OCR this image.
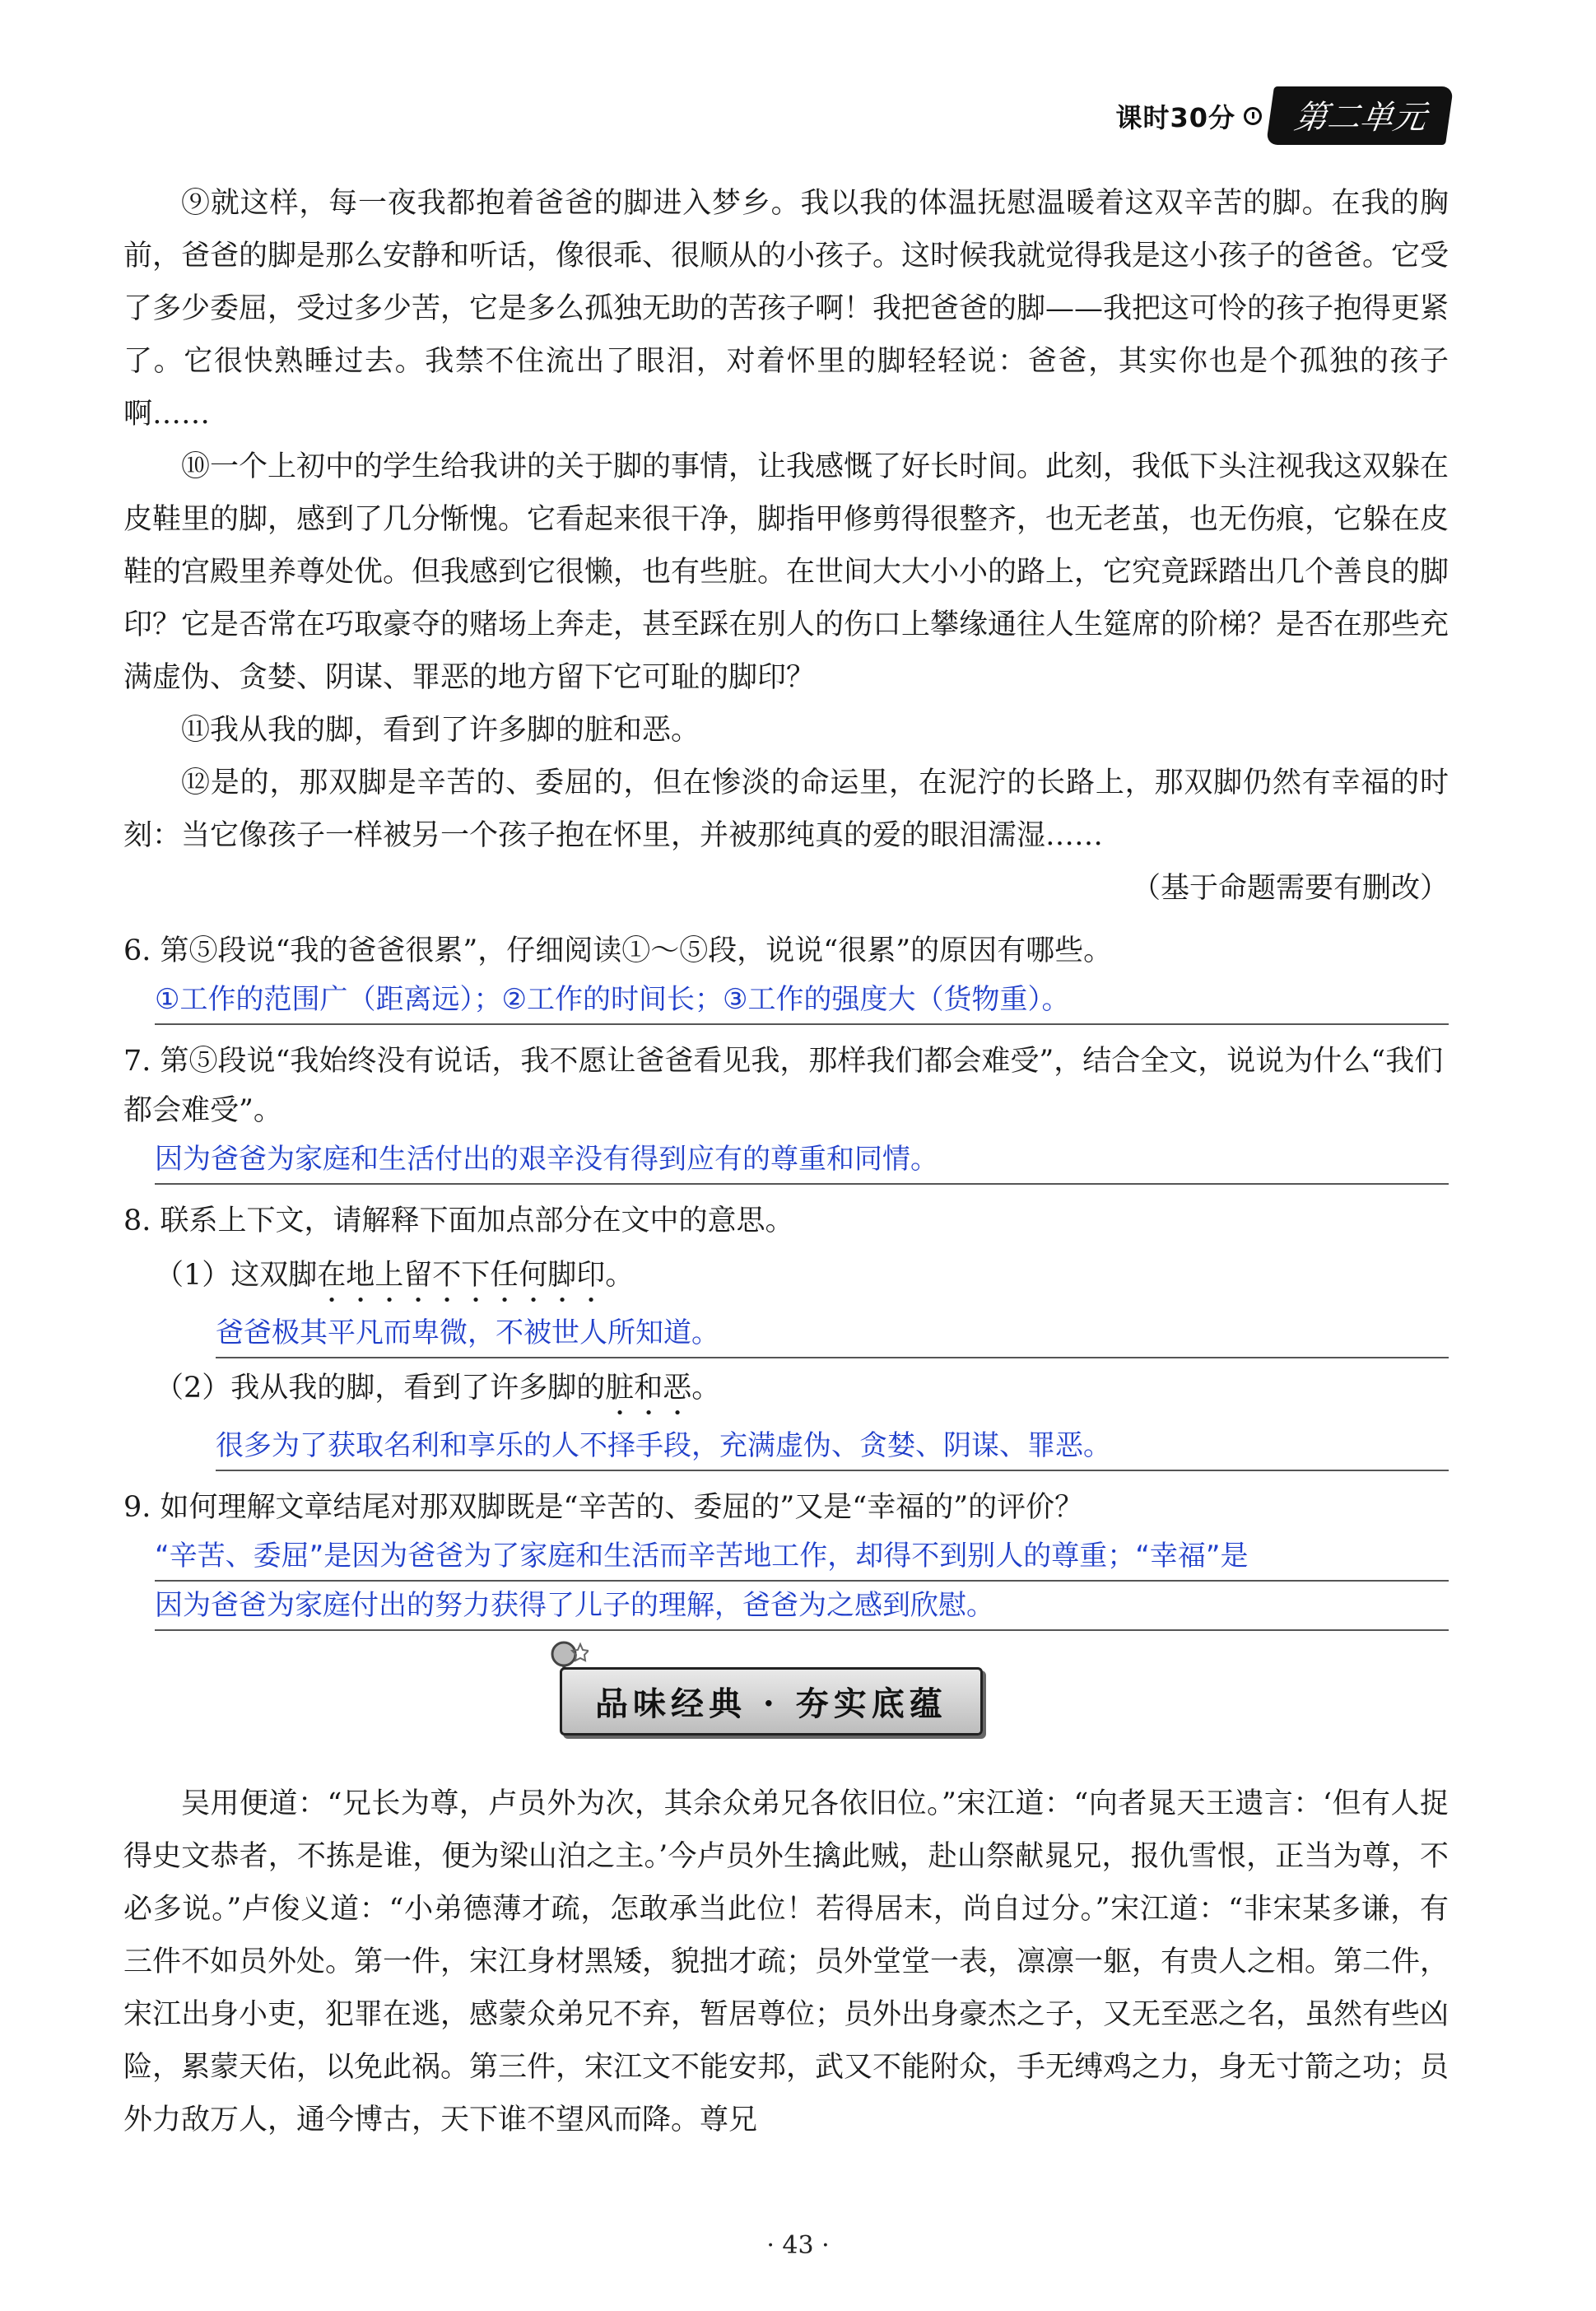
课时30分	第二单元

⑨就这样，每一夜我都抱着爸爸的脚进入梦乡。我以我的体温抚慰温暖着这双辛苦的脚。在我的胸前，爸爸的脚是那么安静和听话，像很乖、很顺从的小孩子。这时候我就觉得我是这小孩子的爸爸。它受了多少委屈，受过多少苦，它是多么孤独无助的苦孩子啊！我把爸爸的脚——我把这可怜的孩子抱得更紧了。它很快熟睡过去。我禁不住流出了眼泪，对着怀里的脚轻轻说：爸爸，其实你也是个孤独的孩子啊……

⑩一个上初中的学生给我讲的关于脚的事情，让我感慨了好长时间。此刻，我低下头注视我这双躲在皮鞋里的脚，感到了几分惭愧。它看起来很干净，脚指甲修剪得很整齐，也无老茧，也无伤痕，它躲在皮鞋的宫殿里养尊处优。但我感到它很懒，也有些脏。在世间大大小小的路上，它究竟踩踏出几个善良的脚印？它是否常在巧取豪夺的赌场上奔走，甚至踩在别人的伤口上攀缘通往人生筵席的阶梯？是否在那些充满虚伪、贪婪、阴谋、罪恶的地方留下它可耻的脚印？

⑪我从我的脚，看到了许多脚的脏和恶。

⑫是的，那双脚是辛苦的、委屈的，但在惨淡的命运里，在泥泞的长路上，那双脚仍然有幸福的时刻：当它像孩子一样被另一个孩子抱在怀里，并被那纯真的爱的眼泪濡湿……

（基于命题需要有删改）

6. 第⑤段说“我的爸爸很累”，仔细阅读①～⑤段，说说“很累”的原因有哪些。
①工作的范围广（距离远）；②工作的时间长；③工作的强度大（货物重）。
7. 第⑤段说“我始终没有说话，我不愿让爸爸看见我，那样我们都会难受”，结合全文，说说为什么“我们都会难受”。
因为爸爸为家庭和生活付出的艰辛没有得到应有的尊重和同情。
8. 联系上下文，请解释下面加点部分在文中的意思。
（1）这双脚在地上留不下任何脚印。
爸爸极其平凡而卑微，不被世人所知道。
（2）我从我的脚，看到了许多脚的脏和恶。
很多为了获取名利和享乐的人不择手段，充满虚伪、贪婪、阴谋、罪恶。
9. 如何理解文章结尾对那双脚既是“辛苦的、委屈的”又是“幸福的”的评价？
“辛苦、委屈”是因为爸爸为了家庭和生活而辛苦地工作，却得不到别人的尊重；“幸福”是
因为爸爸为家庭付出的努力获得了儿子的理解，爸爸为之感到欣慰。
品味经典 · 夯实底蕴

吴用便道：“兄长为尊，卢员外为次，其余众弟兄各依旧位。”宋江道：“向者晁天王遗言：‘但有人捉得史文恭者，不拣是谁，便为梁山泊之主。’今卢员外生擒此贼，赴山祭献晁兄，报仇雪恨，正当为尊，不必多说。”卢俊义道：“小弟德薄才疏，怎敢承当此位！若得居末，尚自过分。”宋江道：“非宋某多谦，有三件不如员外处。第一件，宋江身材黑矮，貌拙才疏；员外堂堂一表，凛凛一躯，有贵人之相。第二件，宋江出身小吏，犯罪在逃，感蒙众弟兄不弃，暂居尊位；员外出身豪杰之子，又无至恶之名，虽然有些凶险，累蒙天佑，以免此祸。第三件，宋江文不能安邦，武又不能附众，手无缚鸡之力，身无寸箭之功；员外力敌万人，通今博古，天下谁不望风而降。尊兄

· 43 ·
